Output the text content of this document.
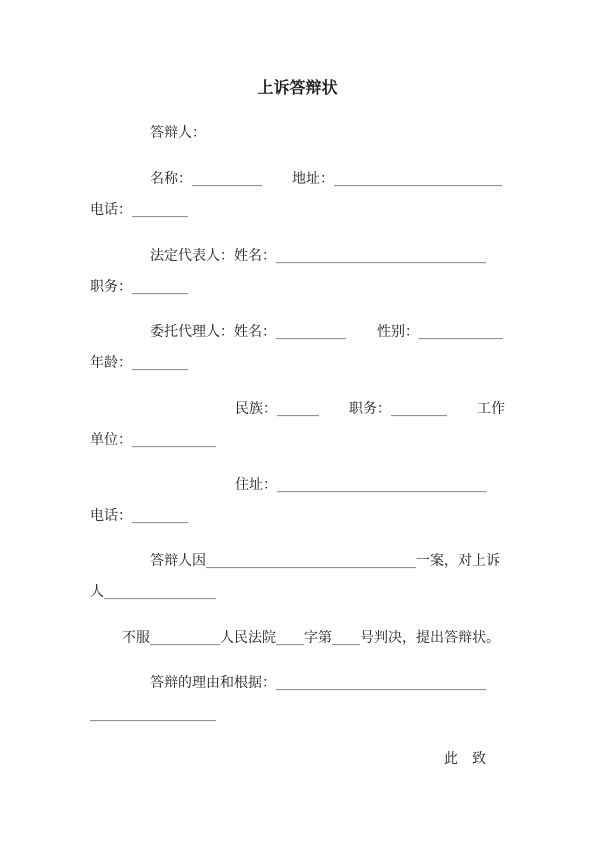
上诉答辩状
答辩人：
名称：__________ 地址：________________________
电话：________
法定代表人：姓名：______________________________
职务：________
委托代理人：姓名：__________ 性别：____________
年龄：________
民族：______ 职务：________ 工作
单位：____________
住址：______________________________
电话：________
答辩人因______________________________一案，对上诉
人________________
不服__________人民法院____字第____号判决，提出答辩状。
答辩的理由和根据：______________________________
__________________
此　致
